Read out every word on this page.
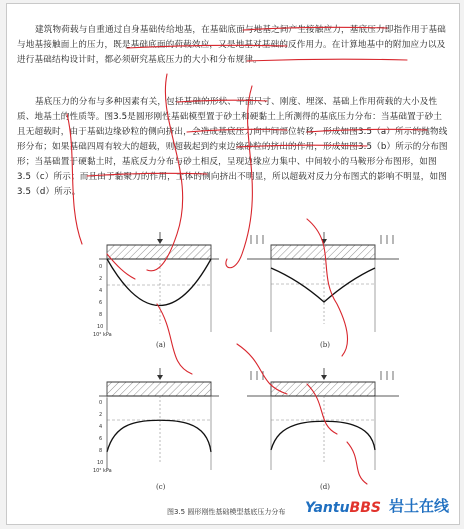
建筑物荷载与自重通过自身基础传给地基，在基础底面与地基之间产生接触应力，基底压力即指作用于基础与地基接触面上的压力，既是基础底面的荷载效应，又是地基对基础的反作用力。在计算地基中的附加应力以及进行基础结构设计时，都必须研究基底压力的大小和分布规律。

基底压力的分布与多种因素有关，包括基础的形状、平面尺寸、刚度、埋深、基础上作用荷载的大小及性质、地基土的性质等。图3.5是圆形刚性基础模型置于砂土和硬黏土上所测得的基底压力分布：当基础置于砂土且无超载时，由于基础边缘砂粒的侧向挤出，会造成基底压力向中间部位转移，形成如图3.5（a）所示的抛物线形分布；如果基础四周有较大的超载，则超载起到约束边缘砂粒的挤出的作用，形成如图3.5（b）所示的分布图形；当基础置于硬黏土时，基底反力分布与砂土相反，呈现边缘应力集中、中间较小的马鞍形分布图形，如图3.5（c）所示；而且由于黏聚力的作用，土体的侧向挤出不明显，所以超载对反力分布图式的影响不明显，如图3.5（d）所示。

0
2
4
6
8
10
10² kPa
(a)	(b)
0
2
4
6
8
10
10² kPa
(c)	(d)
图3.5 圆形刚性基础模型基底压力分布 Yantu BBS 岩土在线
